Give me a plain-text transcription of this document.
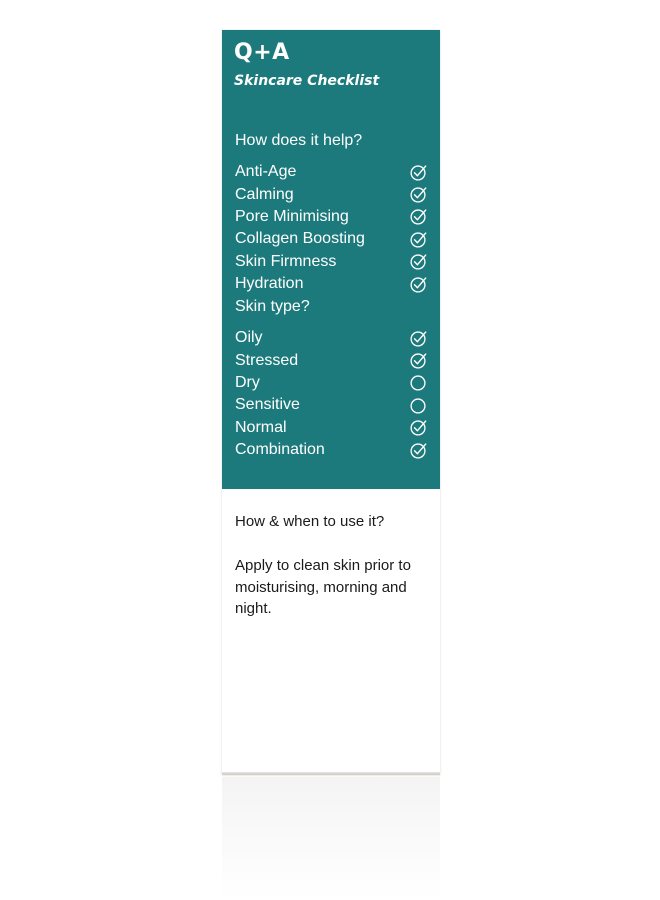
Q+A
Skincare Checklist
How does it help?
Anti-Age
Calming
Pore Minimising
Collagen Boosting
Skin Firmness
Hydration
Skin type?
Oily
Stressed
Dry
Sensitive
Normal
Combination
How & when to use it?

Apply to clean skin prior to moisturising, morning and night.
